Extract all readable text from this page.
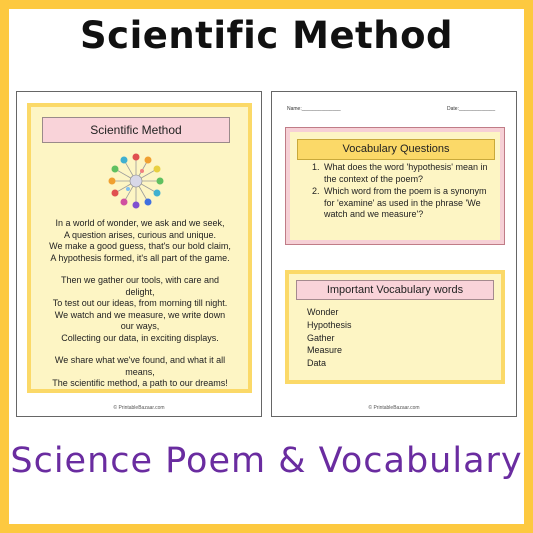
Scientific Method
Scientific Method
In a world of wonder, we ask and we seek,
A question arises, curious and unique.
We make a good guess, that's our bold claim,
A hypothesis formed, it's all part of the game.
Then we gather our tools, with care and
delight,
To test out our ideas, from morning till night.
We watch and we measure, we write down
our ways,
Collecting our data, in exciting displays.
We share what we've found, and what it all
means,
The scientific method, a path to our dreams!
© PrintableBazaar.com
Name:______________	Date:_____________
Vocabulary Questions
1. What does the word 'hypothesis' mean in the context of the poem?
2. Which word from the poem is a synonym for 'examine' as used in the phrase 'We watch and we measure'?
Important Vocabulary words
Wonder
Hypothesis
Gather
Measure
Data
© PrintableBazaar.com
Science Poem & Vocabulary
